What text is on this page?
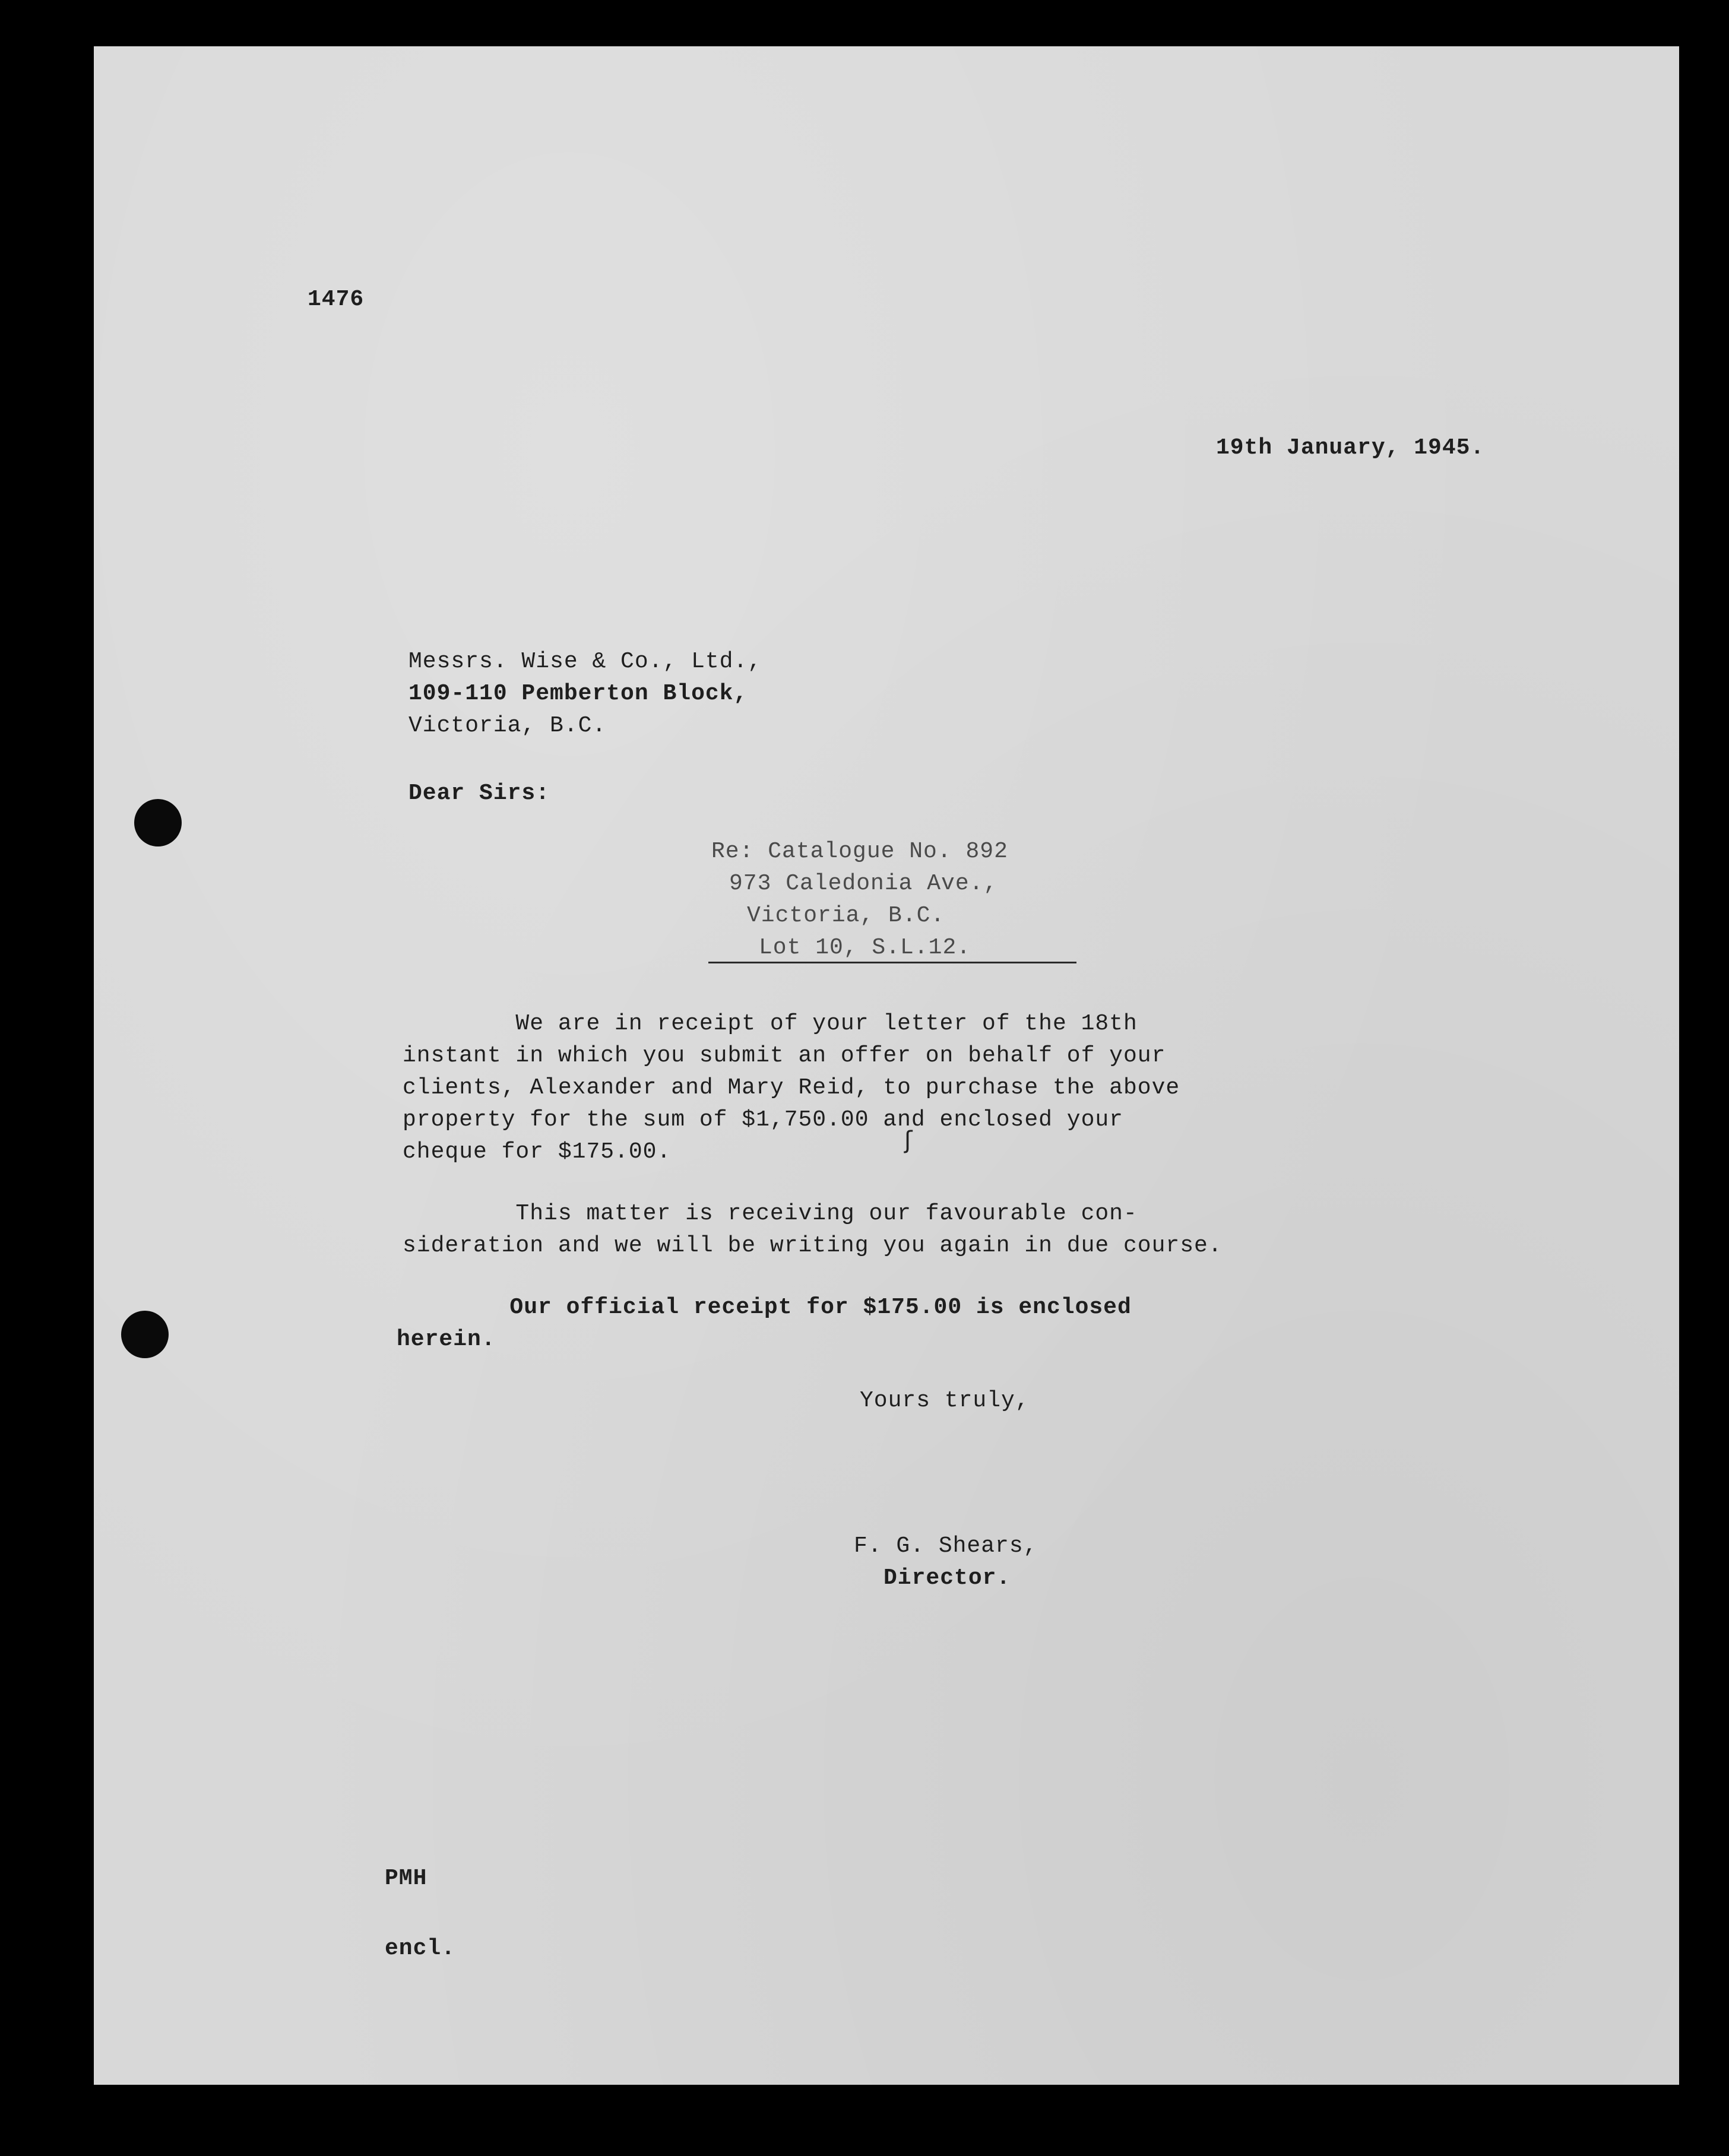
1476
19th January, 1945.
Messrs. Wise & Co., Ltd.,
109-110 Pemberton Block,
Victoria, B.C.
Dear Sirs:
Re: Catalogue No. 892
973 Caledonia Ave.,
Victoria, B.C.
Lot 10, S.L.12.
We are in receipt of your letter of the 18th
instant in which you submit an offer on behalf of your
clients, Alexander and Mary Reid, to purchase the above
property for the sum of $1,750.00 and enclosed your
ʃ
cheque for $175.00.
This matter is receiving our favourable con-
sideration and we will be writing you again in due course.
Our official receipt for $175.00 is enclosed
herein.
Yours truly,
F. G. Shears,
Director.
PMH
encl.
